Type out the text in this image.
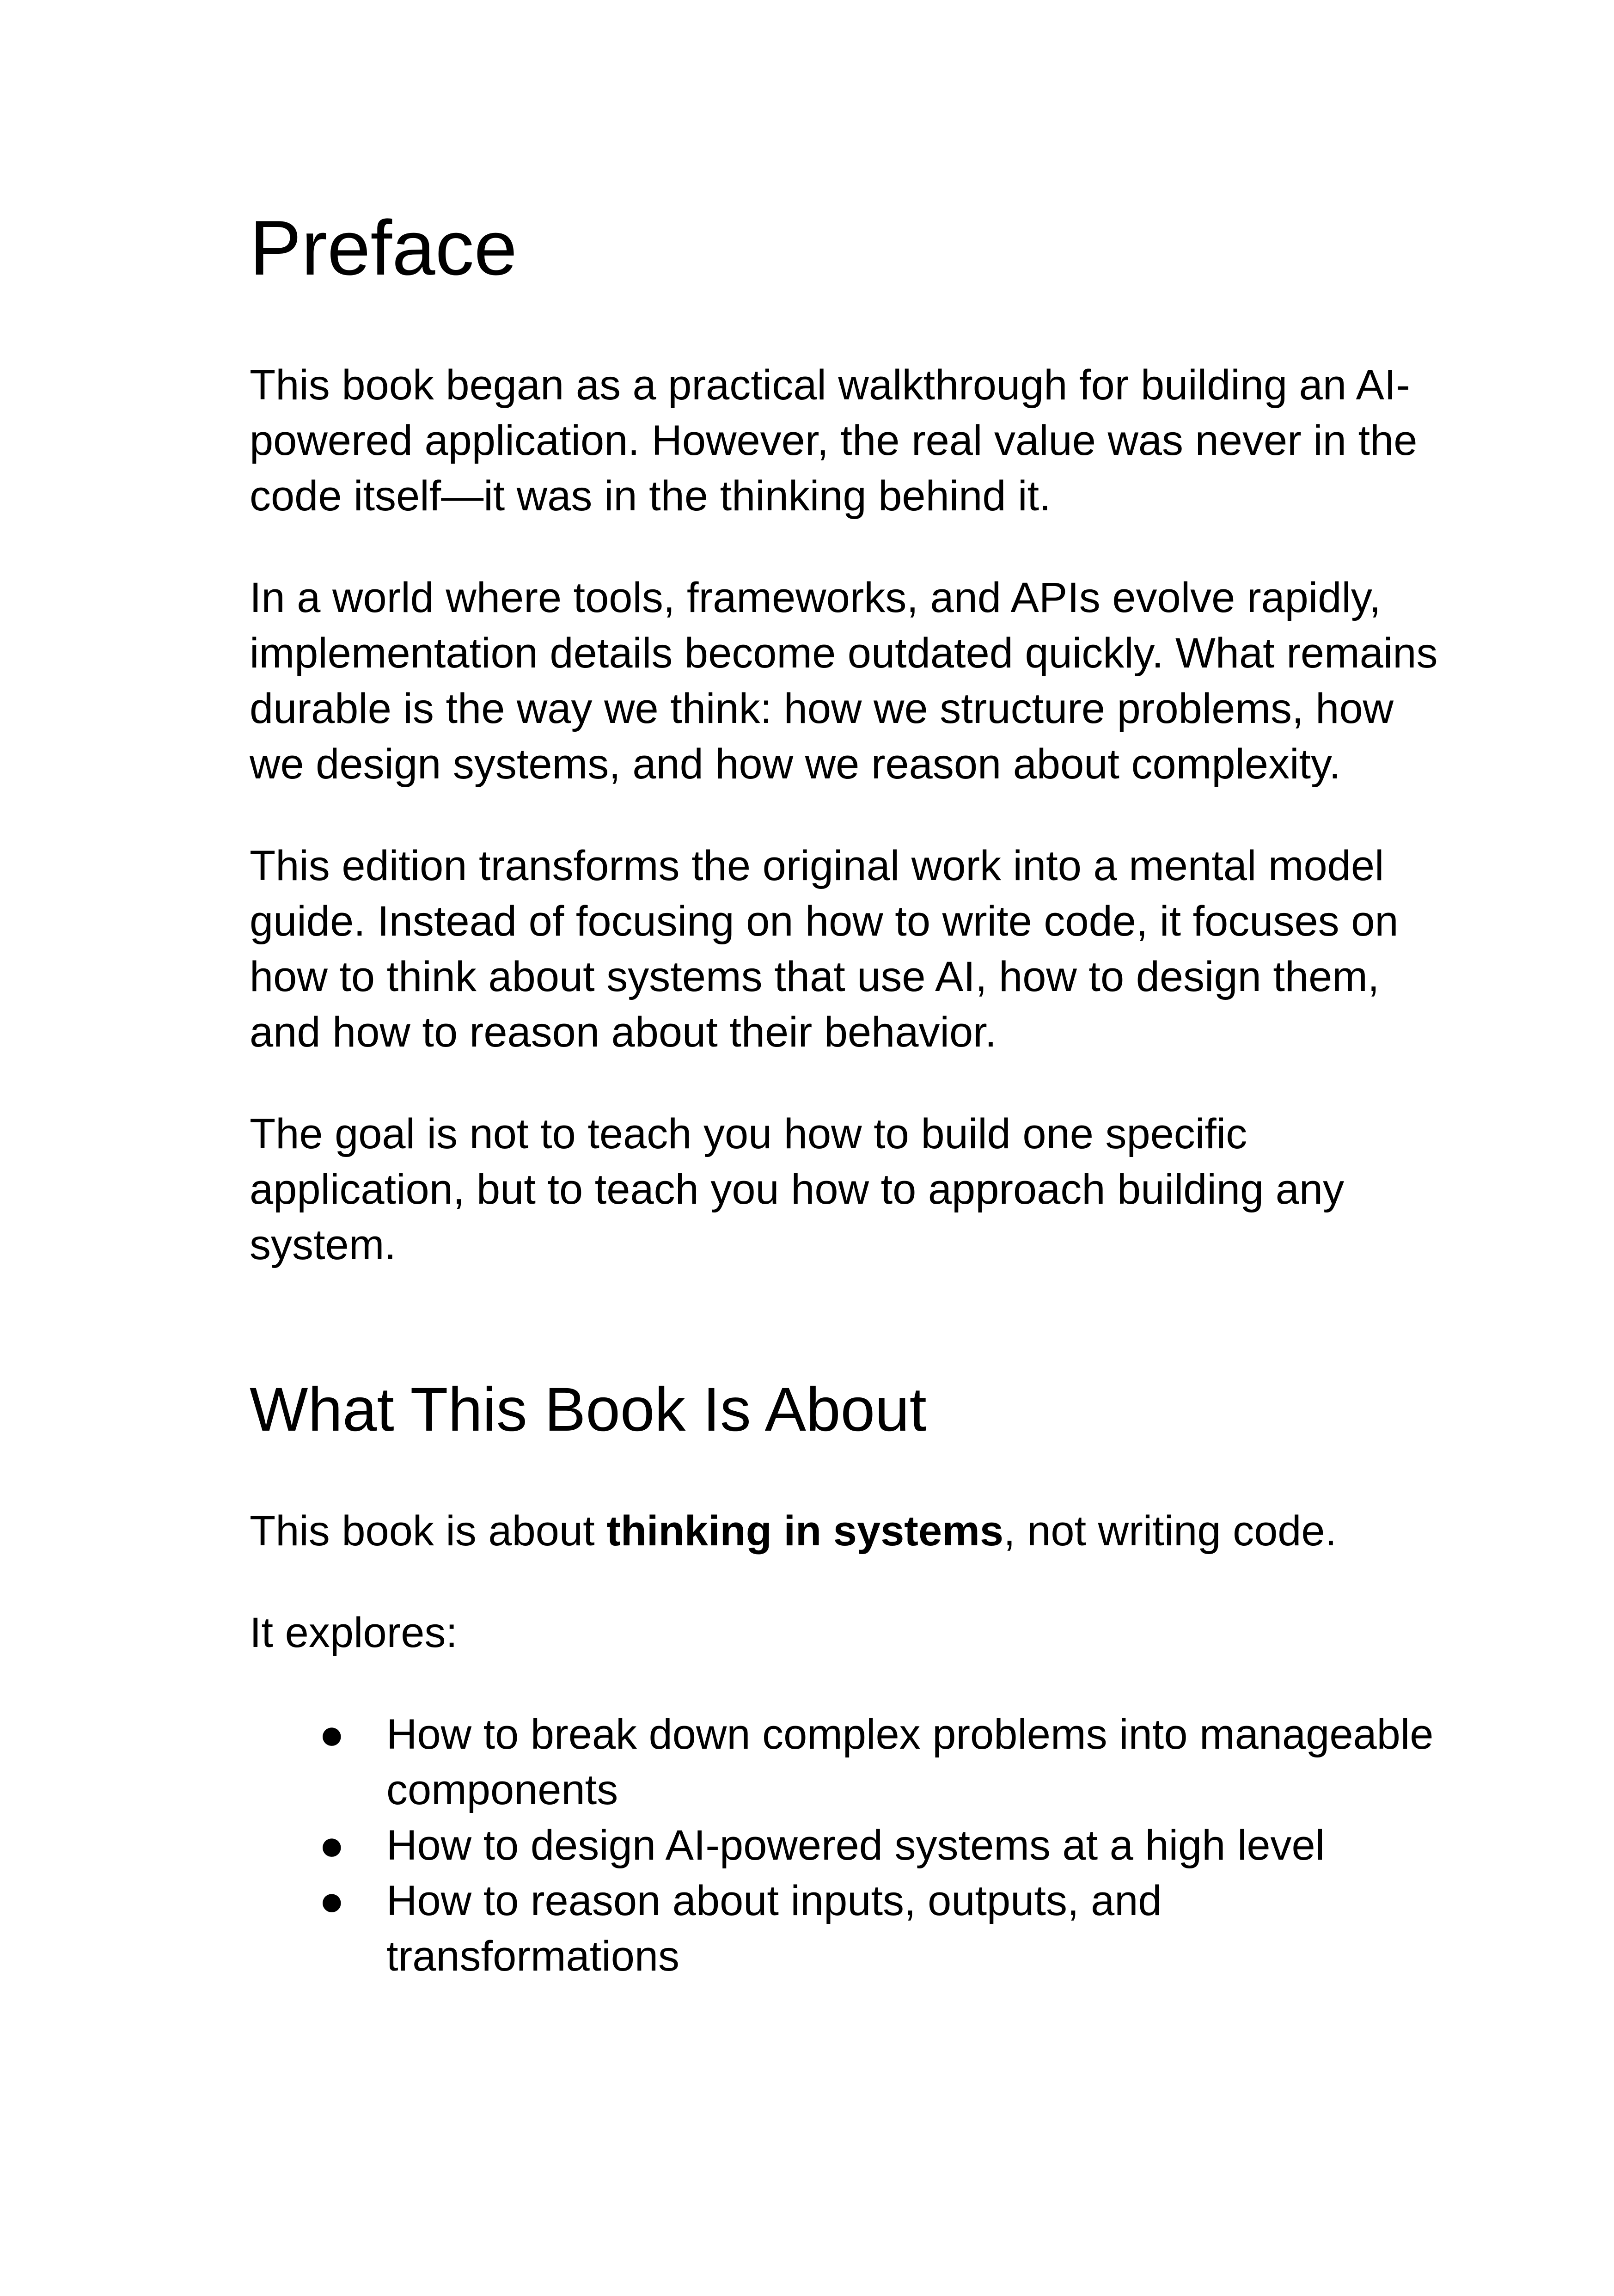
Preface

This book began as a practical walkthrough for building an AI-powered application. However, the real value was never in the code itself—it was in the thinking behind it.

In a world where tools, frameworks, and APIs evolve rapidly, implementation details become outdated quickly. What remains durable is the way we think: how we structure problems, how we design systems, and how we reason about complexity.

This edition transforms the original work into a mental model guide. Instead of focusing on how to write code, it focuses on how to think about systems that use AI, how to design them, and how to reason about their behavior.

The goal is not to teach you how to build one specific application, but to teach you how to approach building any system.

What This Book Is About

This book is about thinking in systems, not writing code.

It explores:

● How to break down complex problems into manageable components
● How to design AI-powered systems at a high level
● How to reason about inputs, outputs, and transformations
